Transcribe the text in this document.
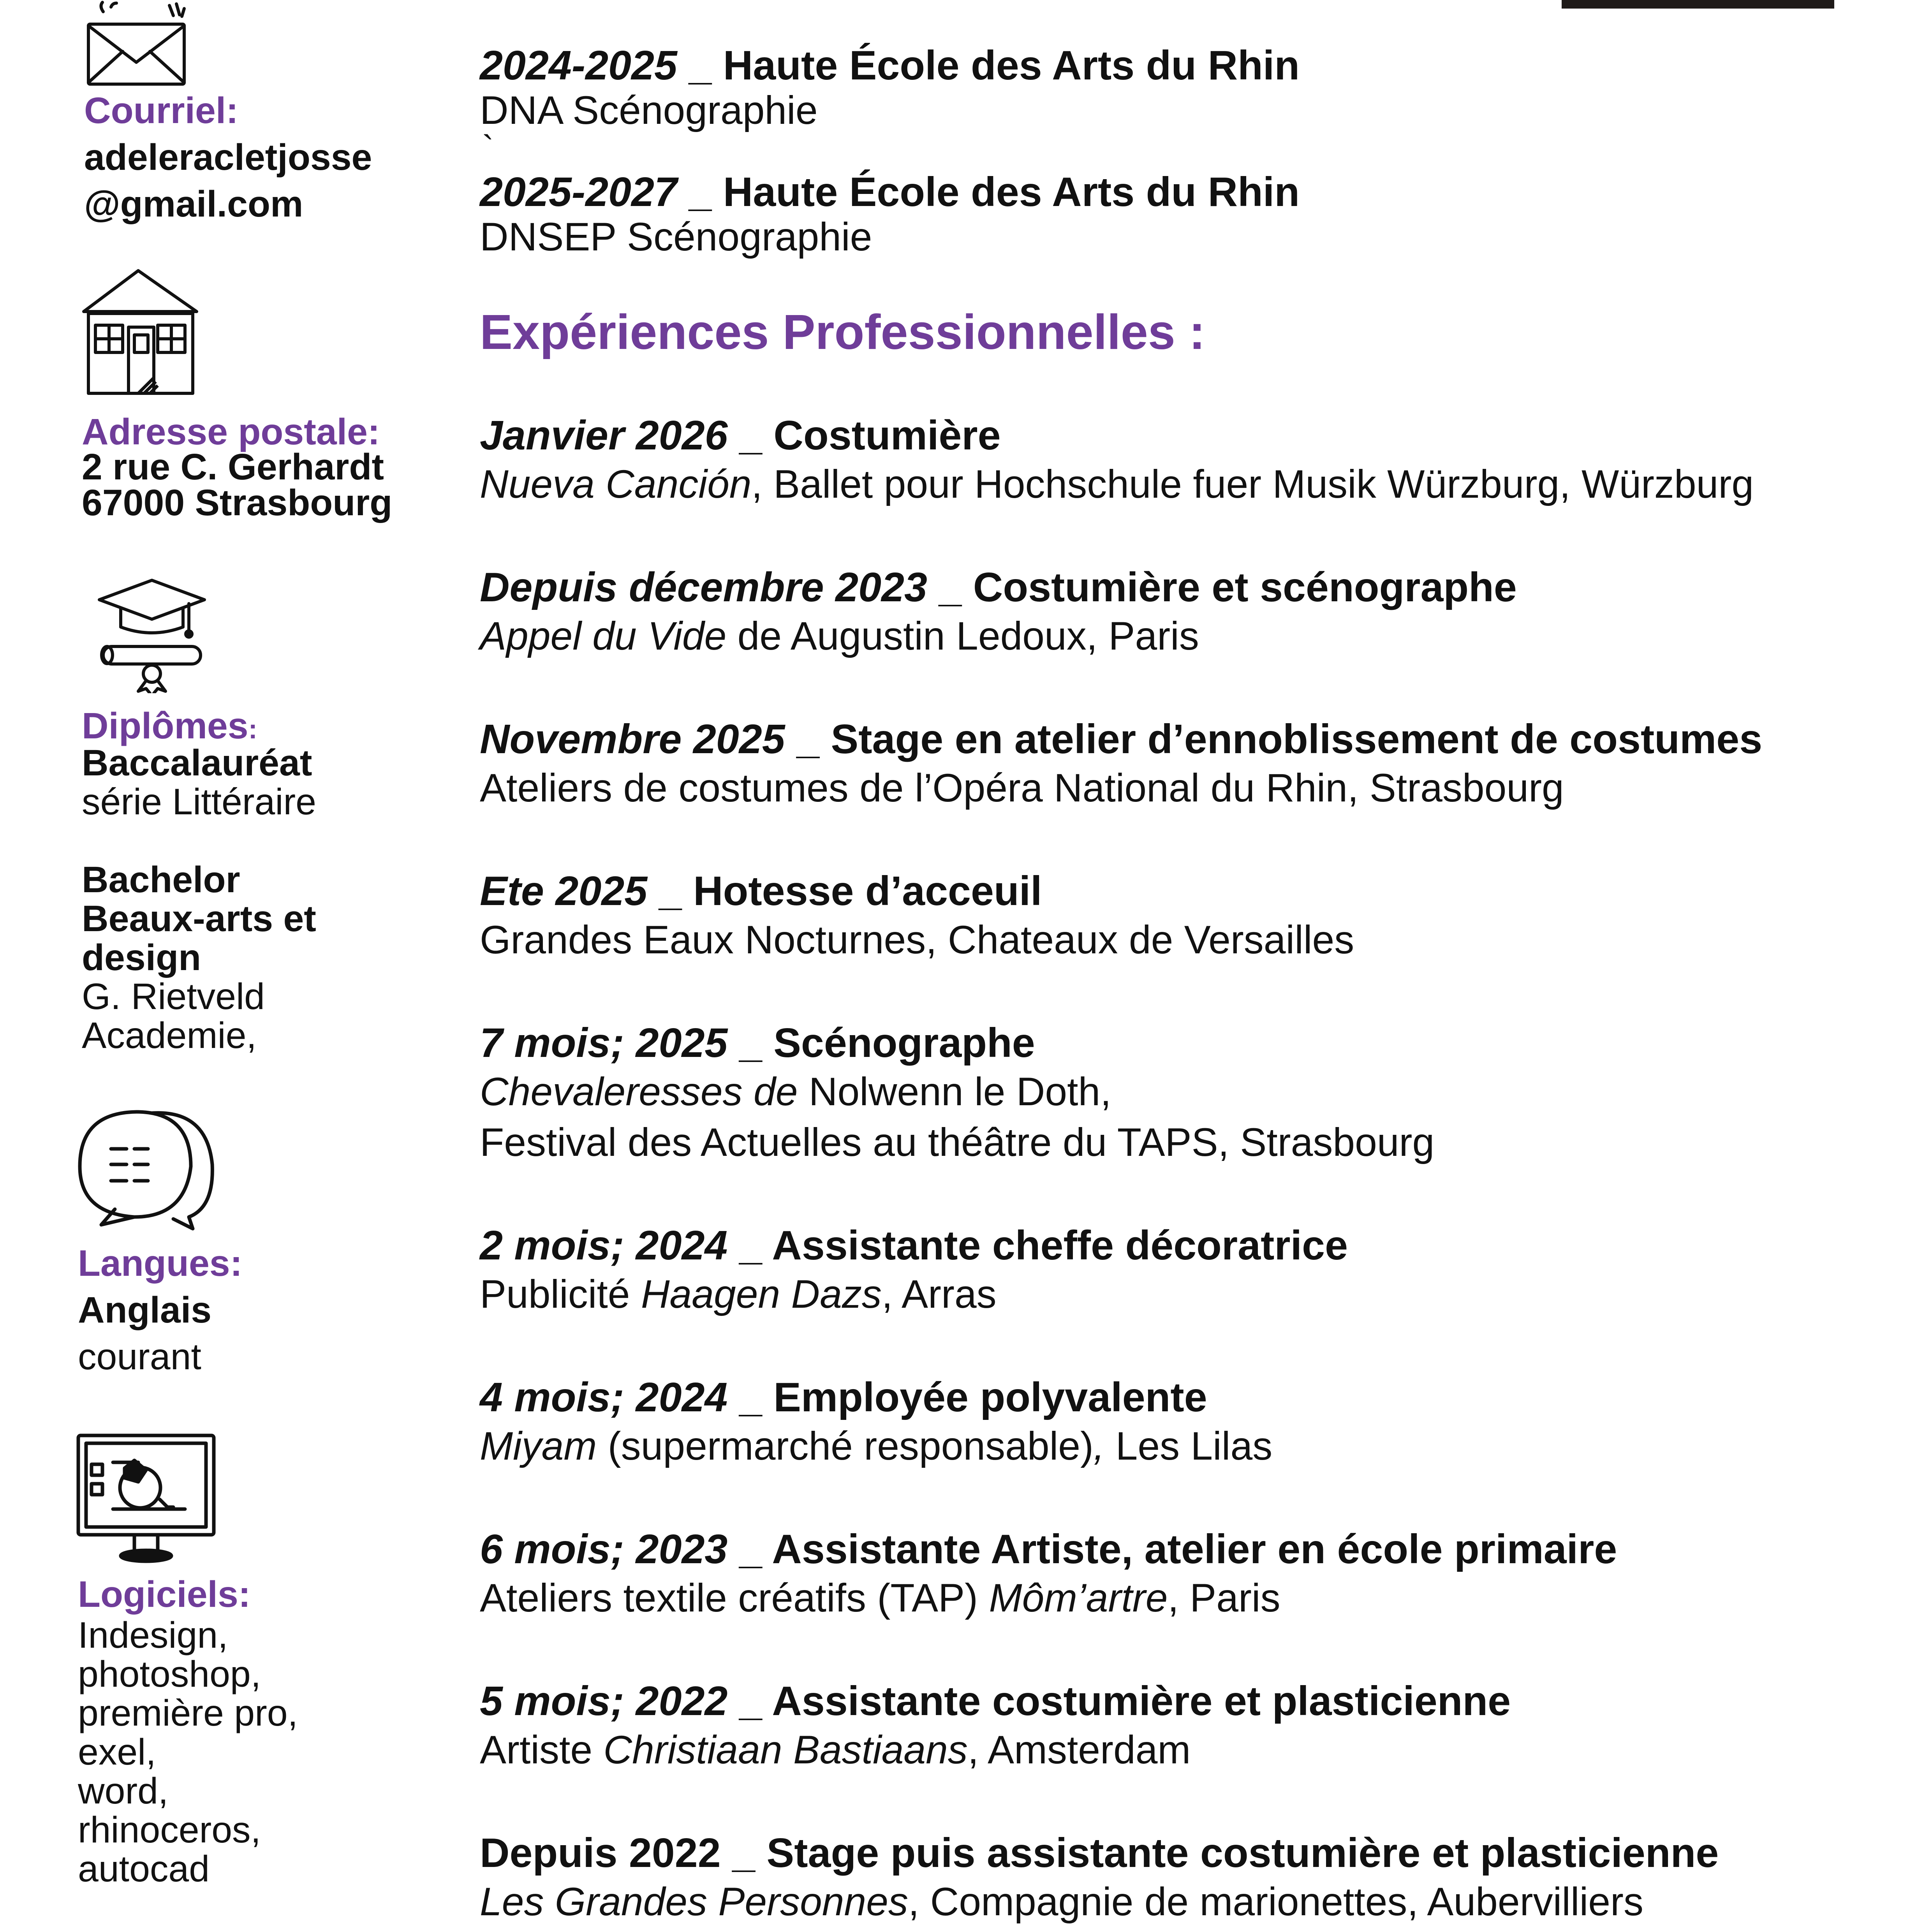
Courriel:
adeleracletjosse
@gmail.com
Adresse postale:
2 rue C. Gerhardt
67000 Strasbourg
Diplômes:
Baccalauréat
série Littéraire
Bachelor
Beaux-arts et
design
G. Rietveld
Academie,
Langues:
Anglais
courant
Logiciels:
Indesign,
photoshop,
première pro,
exel,
word,
rhinoceros,
autocad
2024-2025 _ Haute École des Arts du Rhin
DNA Scénographie
2025-2027 _ Haute École des Arts du Rhin
DNSEP Scénographie
`
Expériences Professionnelles :
Janvier 2026 _ Costumière
Nueva Canción, Ballet pour Hochschule fuer Musik Würzburg, Würzburg
Depuis décembre 2023 _ Costumière et scénographe
Appel du Vide de Augustin Ledoux, Paris
Novembre 2025 _ Stage en atelier d’ennoblissement de costumes
Ateliers de costumes de l’Opéra National du Rhin, Strasbourg
Ete 2025 _ Hotesse d’acceuil
Grandes Eaux Nocturnes, Chateaux de Versailles
7 mois; 2025 _ Scénographe
Chevaleresses de Nolwenn le Doth,
Festival des Actuelles au théâtre du TAPS, Strasbourg
2 mois; 2024 _ Assistante cheffe décoratrice
Publicité Haagen Dazs, Arras
4 mois; 2024 _ Employée polyvalente
Miyam (supermarché responsable), Les Lilas
6 mois; 2023 _ Assistante Artiste, atelier en école primaire
Ateliers textile créatifs (TAP) Môm’artre, Paris
5 mois; 2022 _ Assistante costumière et plasticienne
Artiste Christiaan Bastiaans, Amsterdam
Depuis 2022 _ Stage puis assistante costumière et plasticienne
Les Grandes Personnes, Compagnie de marionettes, Aubervilliers
